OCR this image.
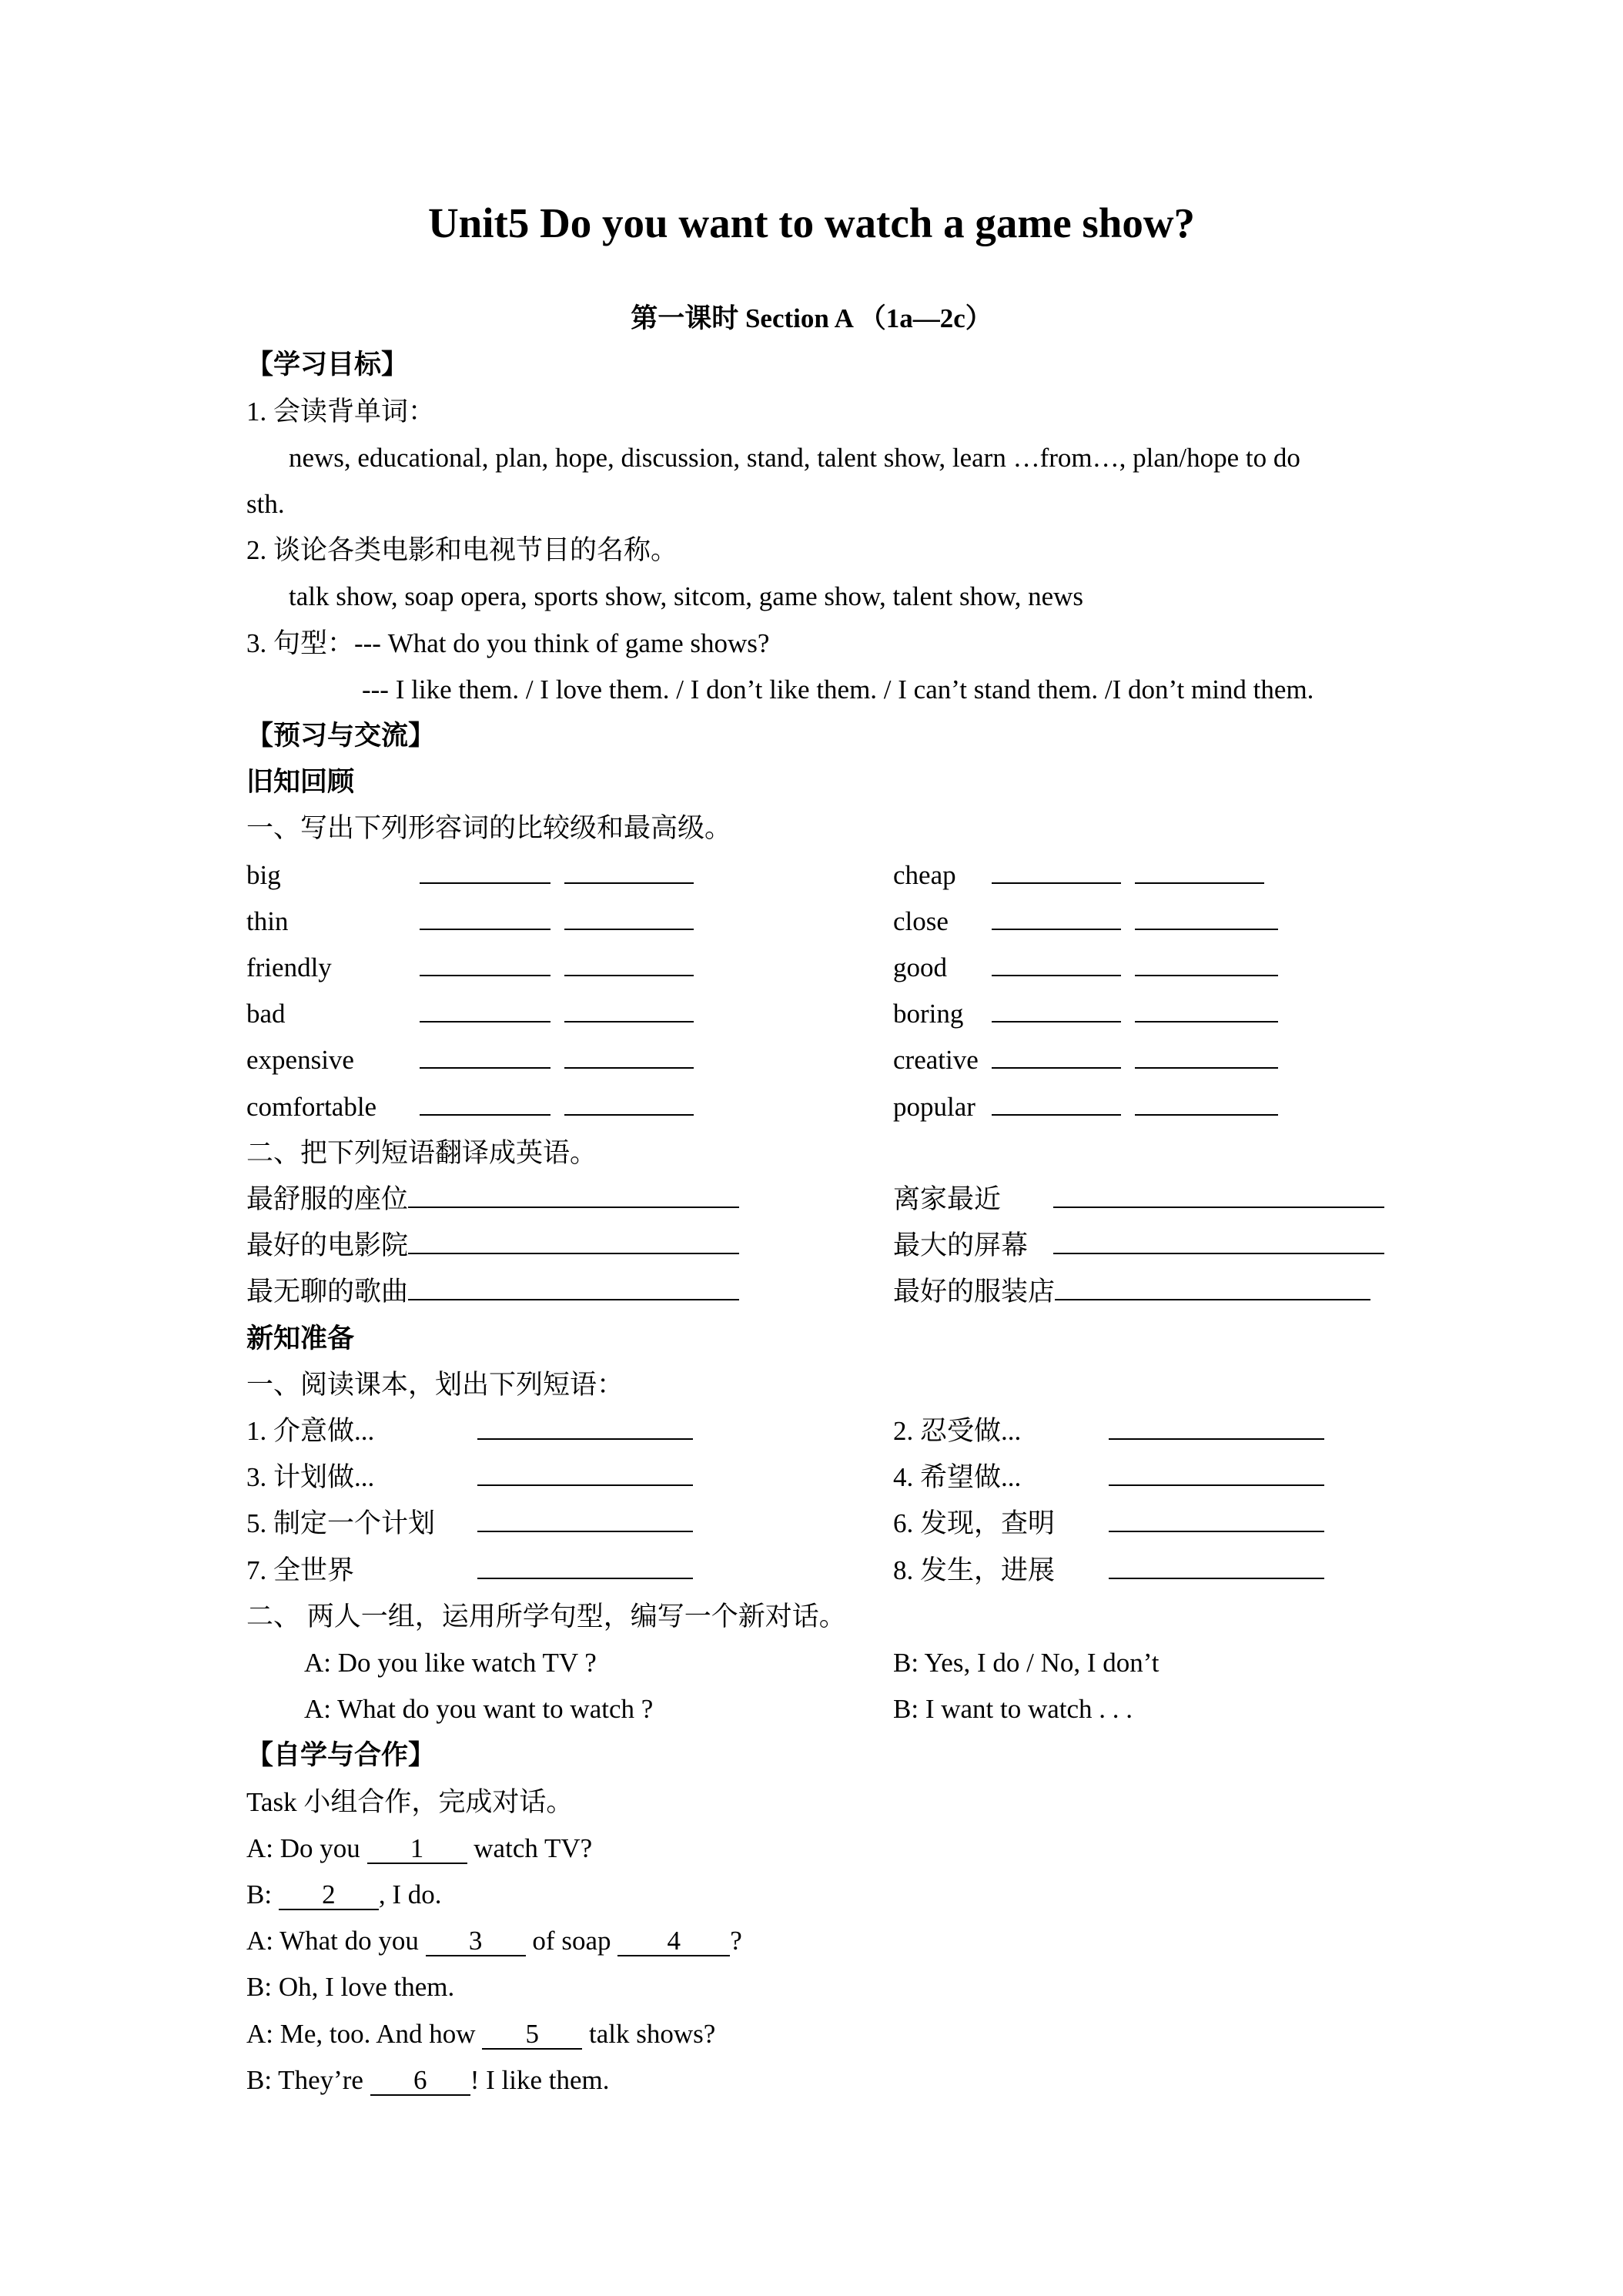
Unit5 Do you want to watch a game show?
第一课时 Section A （1a—2c）
【学习目标】
1. 会读背单词：
news, educational, plan, hope, discussion, stand, talent show, learn …from…, plan/hope to do
sth.
2. 谈论各类电影和电视节目的名称。
talk show, soap opera, sports show, sitcom, game show, talent show, news
3. 句型：--- What do you think of game shows?
--- I like them. / I love them. / I don’t like them. / I can’t stand them. /I don’t mind them.
【预习与交流】
旧知回顾
一、写出下列形容词的比较级和最高级。
big	cheap
thin	close
friendly	good
bad	boring
expensive	creative
comfortable	popular
二、把下列短语翻译成英语。
最舒服的座位	离家最近
最好的电影院	最大的屏幕
最无聊的歌曲	最好的服装店
新知准备
一、阅读课本，划出下列短语：
1. 介意做...	2. 忍受做...
3. 计划做...	4. 希望做...
5. 制定一个计划	6. 发现，查明
7. 全世界	8. 发生，进展
二、 两人一组，运用所学句型，编写一个新对话。
A: Do you like watch TV ?	B: Yes, I do / No, I don’t
A: What do you want to watch ?	B: I want to watch . . .
【自学与合作】
Task 小组合作，完成对话。
A: Do you 1 watch TV?
B: 2 , I do.
A: What do you 3 of soap 4 ?
B: Oh, I love them.
A: Me, too. And how 5 talk shows?
B: They’re 6 ! I like them.
